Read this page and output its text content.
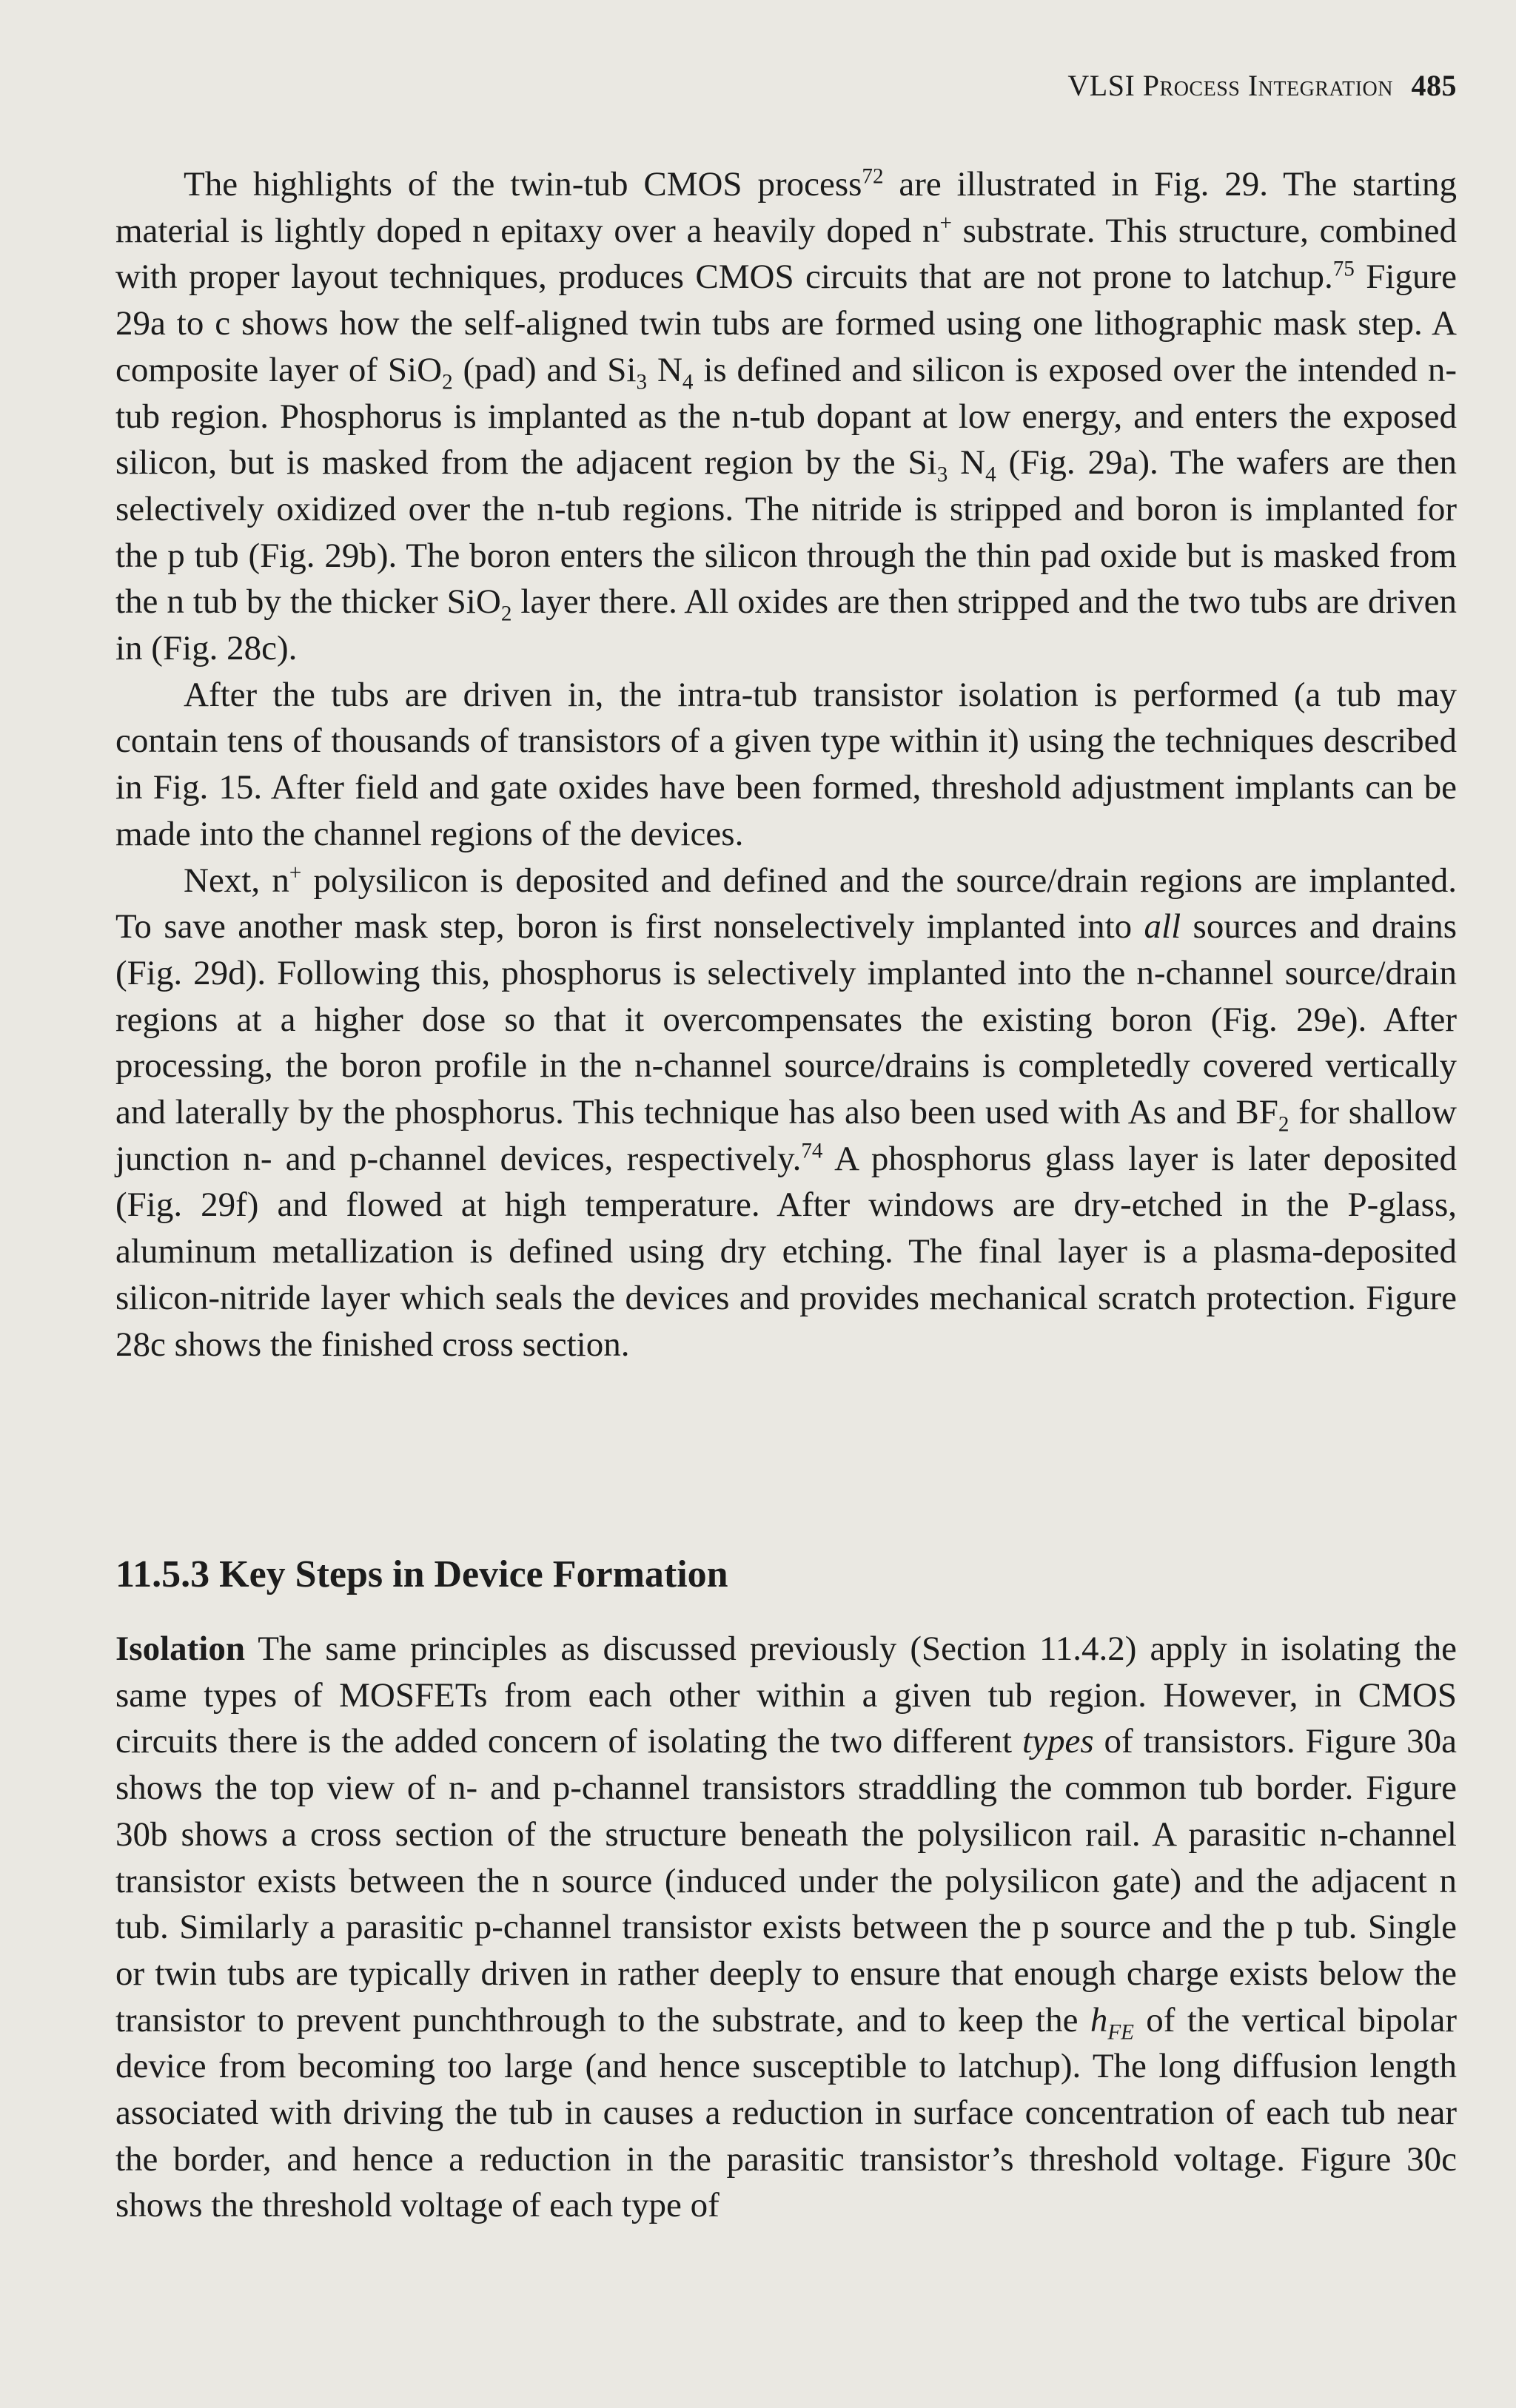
VLSI Process Integration 485

The highlights of the twin-tub CMOS process$^{72}$ are illustrated in Fig. 29. The starting material is lightly doped n epitaxy over a heavily doped n+ substrate. This structure, combined with proper layout techniques, produces CMOS circuits that are not prone to latchup.$^{75}$ Figure 29a to c shows how the self-aligned twin tubs are formed using one lithographic mask step. A composite layer of SiO$_2$ (pad) and $Si_3$ $N_4$ is defined and silicon is exposed over the intended n-tub region. Phosphorus is implanted as the n-tub dopant at low energy, and enters the exposed silicon, but is masked from the adjacent region by the $Si_3$ $N_4$ (Fig. 29a). The wafers are then selectively oxidized over the n-tub regions. The nitride is stripped and boron is implanted for the p tub (Fig. 29b). The boron enters the silicon through the thin pad oxide but is masked from the n tub by the thicker SiO$_2$ layer there. All oxides are then stripped and the two tubs are driven in (Fig. 28c).

After the tubs are driven in, the intra-tub transistor isolation is performed (a tub may contain tens of thousands of transistors of a given type within it) using the techniques described in Fig. 15. After field and gate oxides have been formed, threshold adjustment implants can be made into the channel regions of the devices.

Next, n+ polysilicon is deposited and defined and the source/drain regions are implanted. To save another mask step, boron is first nonselectively implanted into all sources and drains (Fig. 29d). Following this, phosphorus is selectively implanted into the n-channel source/drain regions at a higher dose so that it overcompensates the existing boron (Fig. 29e). After processing, the boron profile in the n-channel source/drains is completedly covered vertically and laterally by the phosphorus. This technique has also been used with As and $BF_2$ for shallow junction n- and p-channel devices, respectively.$^{74}$ A phosphorus glass layer is later deposited (Fig. 29f) and flowed at high temperature. After windows are dry-etched in the P-glass, aluminum metallization is defined using dry etching. The final layer is a plasma-deposited silicon-nitride layer which seals the devices and provides mechanical scratch protection. Figure 28c shows the finished cross section.

11.5.3 Key Steps in Device Formation

Isolation The same principles as discussed previously (Section 11.4.2) apply in isolating the same types of MOSFETs from each other within a given tub region. However, in CMOS circuits there is the added concern of isolating the two different types of transistors. Figure 30a shows the top view of n- and p-channel transistors straddling the common tub border. Figure 30b shows a cross section of the structure beneath the polysilicon rail. A parasitic n-channel transistor exists between the n source (induced under the polysilicon gate) and the adjacent n tub. Similarly a parasitic p-channel transistor exists between the p source and the p tub. Single or twin tubs are typically driven in rather deeply to ensure that enough charge exists below the transistor to prevent punchthrough to the substrate, and to keep the $h_{FE}$ of the vertical bipolar device from becoming too large (and hence susceptible to latchup). The long diffusion length associated with driving the tub in causes a reduction in surface concentration of each tub near the border, and hence a reduction in the parasitic transistor’s threshold voltage. Figure 30c shows the threshold voltage of each type of
